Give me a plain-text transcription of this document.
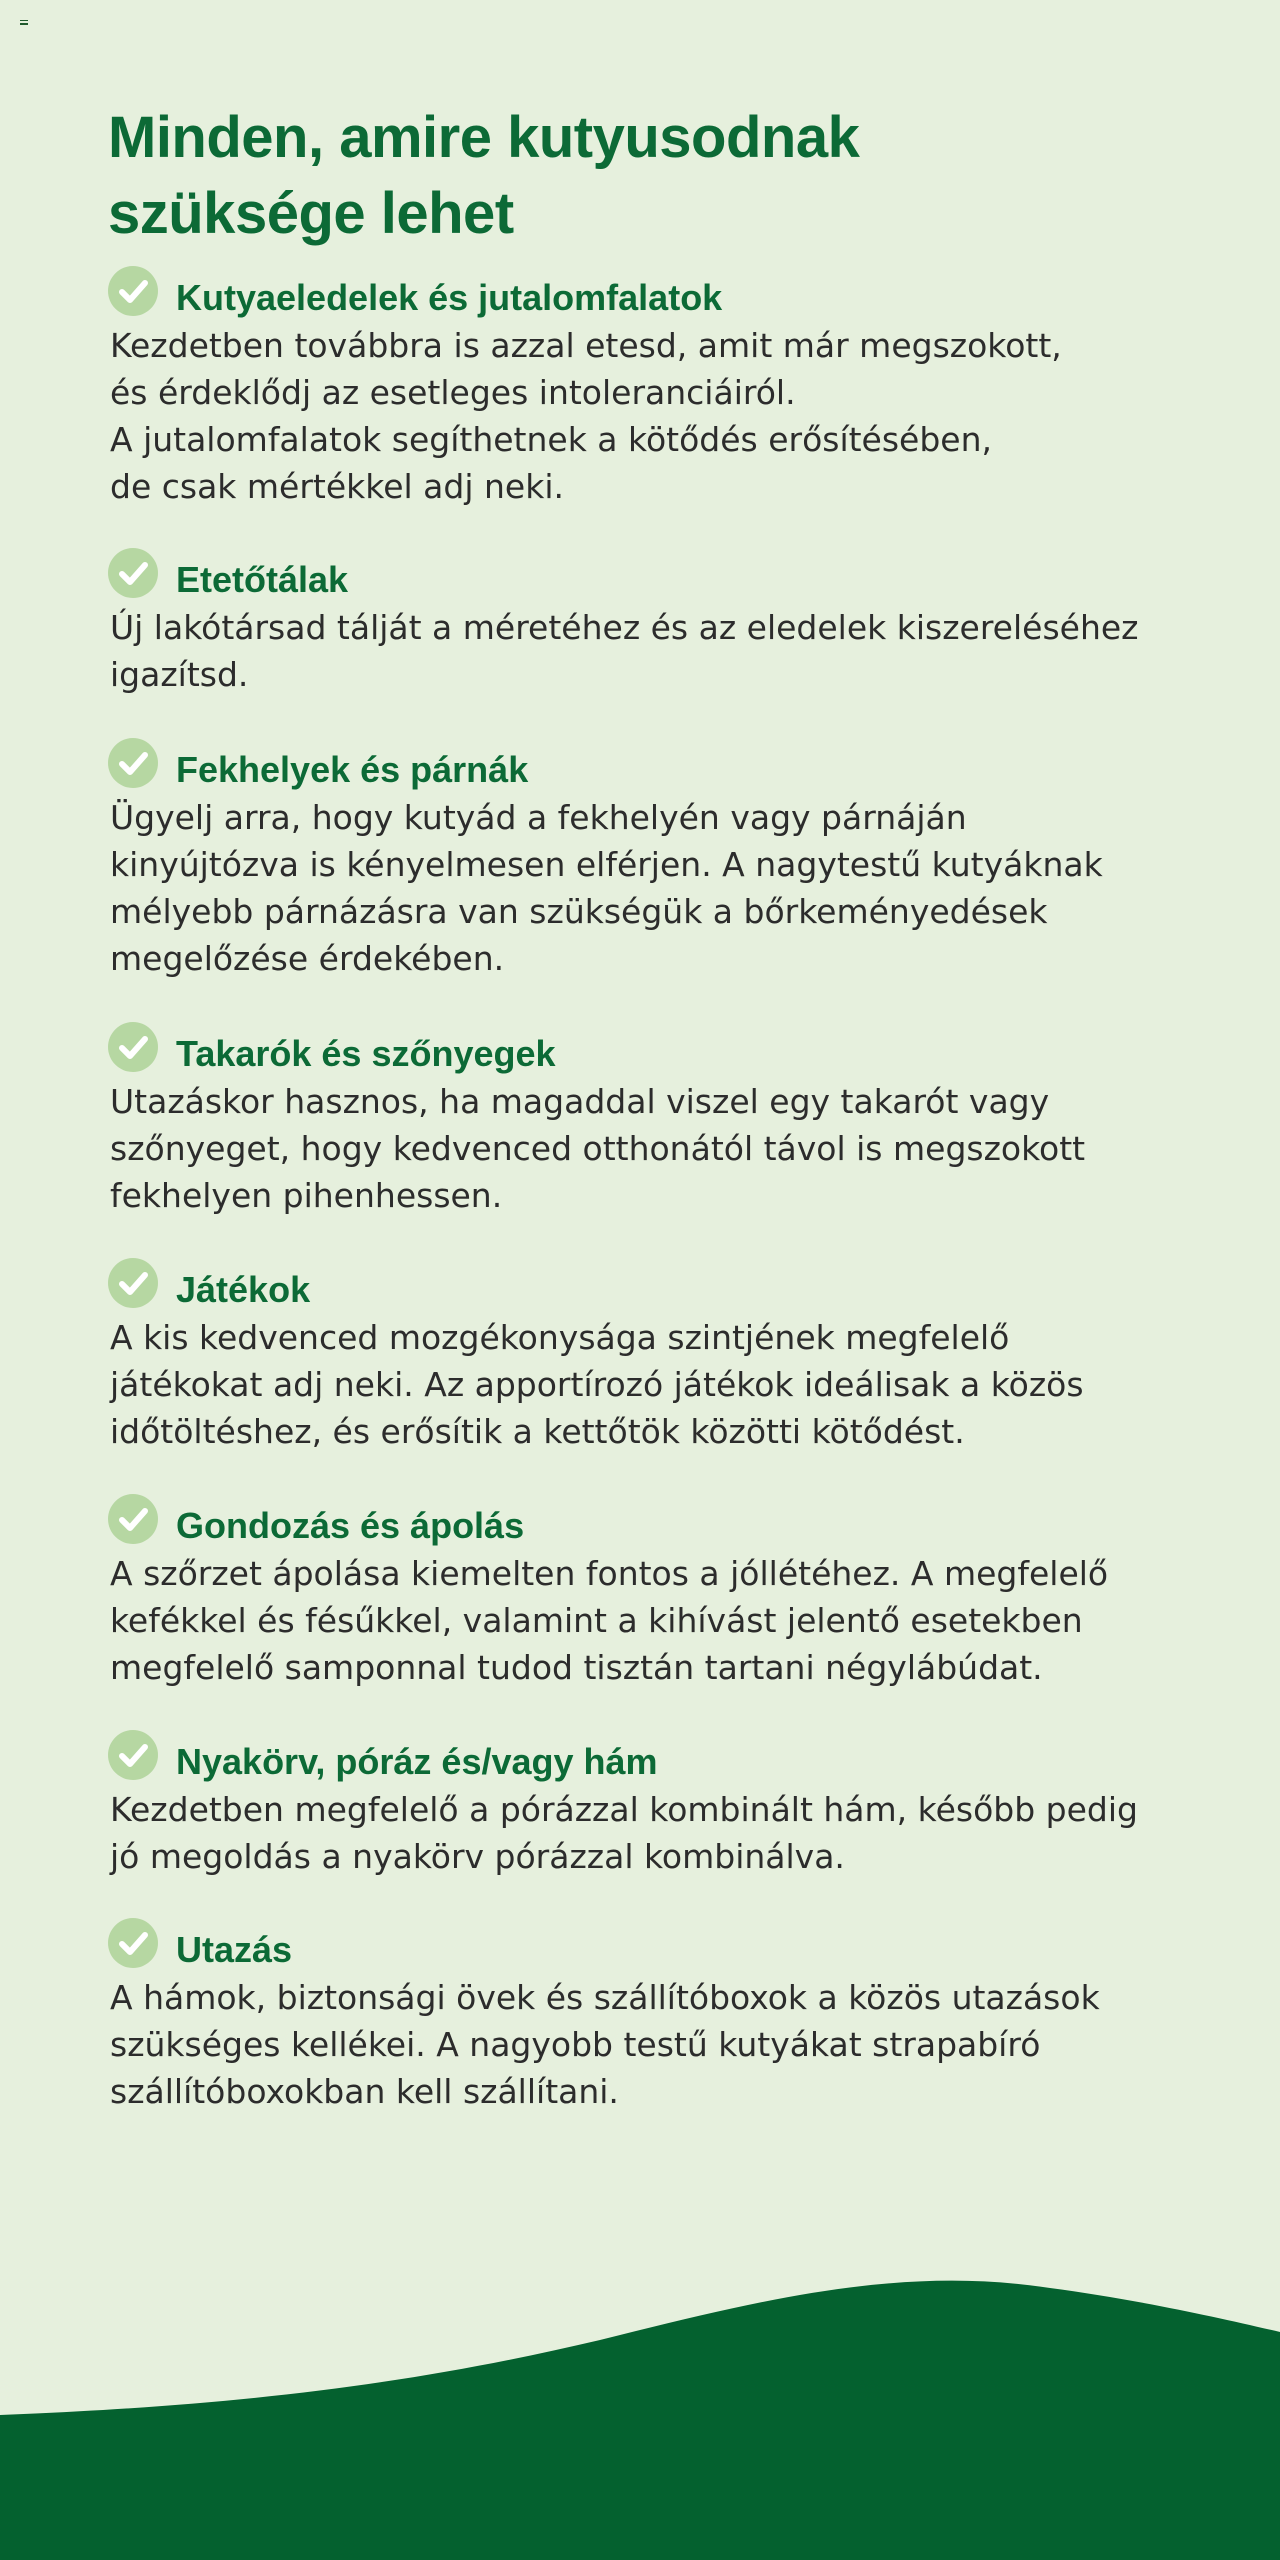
Minden, amire kutyusodnak
szüksége lehet
Kutyaeledelek és jutalomfalatok

Kezdetben továbbra is azzal etesd, amit már megszokott,
és érdeklődj az esetleges intoleranciáiról.
A jutalomfalatok segíthetnek a kötődés erősítésében,
de csak mértékkel adj neki.

Etetőtálak

Új lakótársad tálját a méretéhez és az eledelek kiszereléséhez
igazítsd.

Fekhelyek és párnák

Ügyelj arra, hogy kutyád a fekhelyén vagy párnáján
kinyújtózva is kényelmesen elférjen. A nagytestű kutyáknak
mélyebb párnázásra van szükségük a bőrkeményedések
megelőzése érdekében.

Takarók és szőnyegek

Utazáskor hasznos, ha magaddal viszel egy takarót vagy
szőnyeget, hogy kedvenced otthonától távol is megszokott
fekhelyen pihenhessen.

Játékok

A kis kedvenced mozgékonysága szintjének megfelelő
játékokat adj neki. Az apportírozó játékok ideálisak a közös
időtöltéshez, és erősítik a kettőtök közötti kötődést.

Gondozás és ápolás

A szőrzet ápolása kiemelten fontos a jóllétéhez. A megfelelő
kefékkel és fésűkkel, valamint a kihívást jelentő esetekben
megfelelő samponnal tudod tisztán tartani négylábúdat.

Nyakörv, póráz és/vagy hám

Kezdetben megfelelő a pórázzal kombinált hám, később pedig
jó megoldás a nyakörv pórázzal kombinálva.

Utazás

A hámok, biztonsági övek és szállítóboxok a közös utazások
szükséges kellékei. A nagyobb testű kutyákat strapabíró
szállítóboxokban kell szállítani.
